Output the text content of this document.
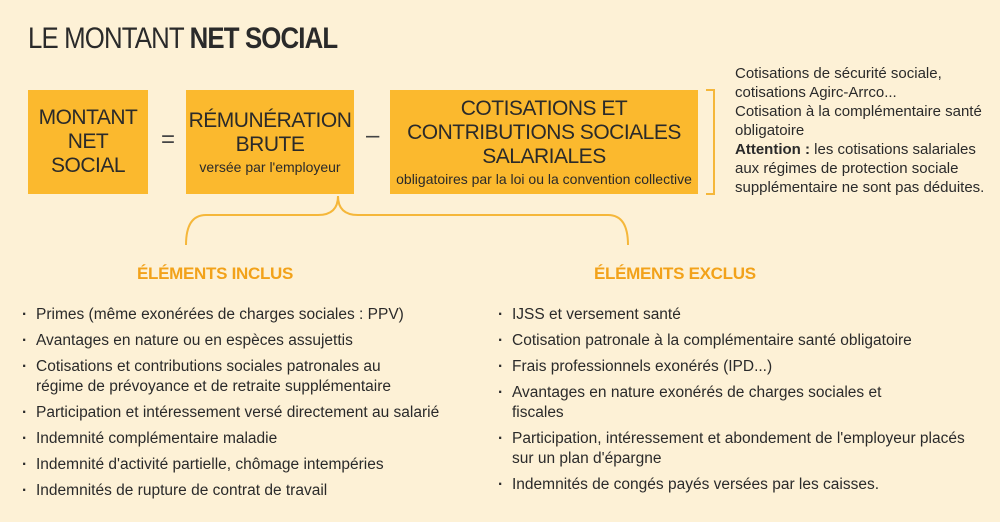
LE MONTANT NET SOCIAL
MONTANT NET SOCIAL
=
RÉMUNÉRATION BRUTE
versée par l'employeur
–
COTISATIONS ET CONTRIBUTIONS SOCIALES SALARIALES
obligatoires par la loi ou la convention collective

Cotisations de sécurité sociale, cotisations Agirc-Arrco...

Cotisation à la complémentaire santé obligatoire

Attention : les cotisations salariales aux régimes de protection sociale supplémentaire ne sont pas déduites.

ÉLÉMENTS INCLUS	ÉLÉMENTS EXCLUS
· Primes (même exonérées de charges sociales : PPV)
· Avantages en nature ou en espèces assujettis
· Cotisations et contributions sociales patronales au régime de prévoyance et de retraite supplémentaire
· Participation et intéressement versé directement au salarié
· Indemnité complémentaire maladie
· Indemnité d'activité partielle, chômage intempéries
· Indemnités de rupture de contrat de travail
· IJSS et versement santé
· Cotisation patronale à la complémentaire santé obligatoire
· Frais professionnels exonérés (IPD...)
· Avantages en nature exonérés de charges sociales et fiscales
· Participation, intéressement et abondement de l'employeur placés sur un plan d'épargne
· Indemnités de congés payés versées par les caisses.
